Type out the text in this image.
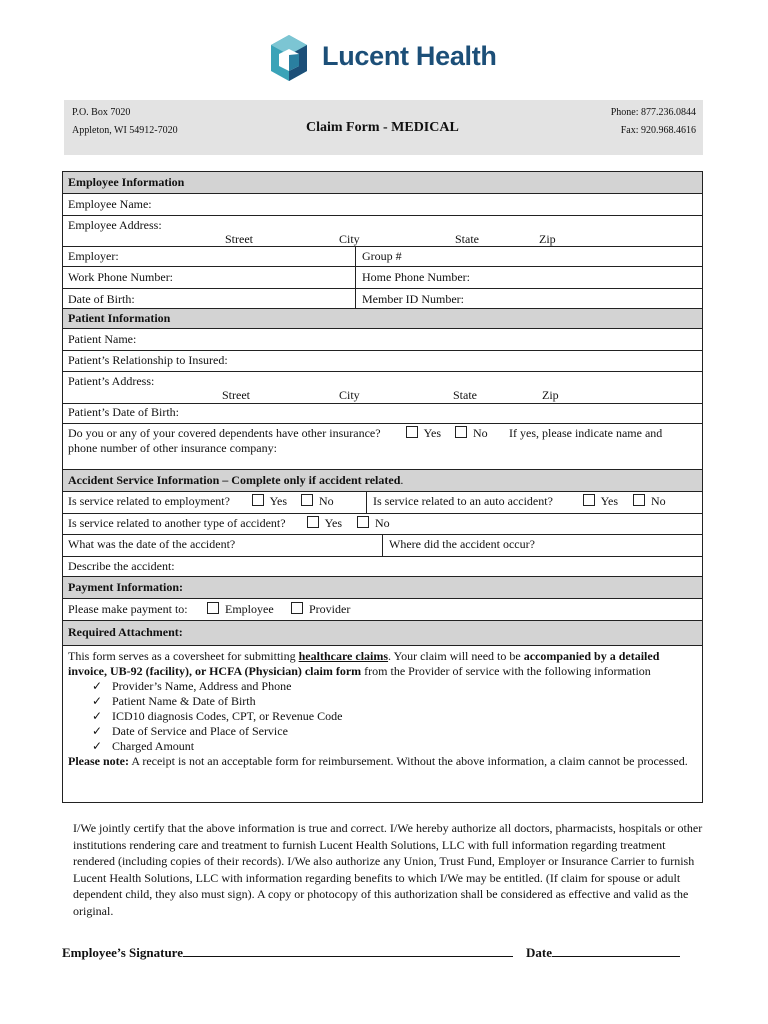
Lucent Health
P.O. Box 7020
Appleton, WI 54912-7020	Claim Form - MEDICAL
Phone: 877.236.0844
Fax: 920.968.4616
Employee Information
Employee Name:
Employee Address:
Street	City	State	Zip
Employer:	Group #
Work Phone Number:	Home Phone Number:
Date of Birth:	Member ID Number:
Patient Information
Patient Name:
Patient’s Relationship to Insured:
Patient’s Address:
Street	City	State	Zip
Patient’s Date of Birth:
Do you or any of your covered dependents have other insurance?	Yes	No If yes, please indicate name and
phone number of other insurance company:
Accident Service Information – Complete only if accident related.
Is service related to employment?	Yes	No	Is service related to an auto accident?	Yes	No
Is service related to another type of accident?	Yes	No
What was the date of the accident?	Where did the accident occur?
Describe the accident:
Payment Information:
Please make payment to:	Employee	Provider
Required Attachment:
This form serves as a coversheet for submitting healthcare claims. Your claim will need to be accompanied by a detailed invoice, UB-92 (facility), or HCFA (Physician) claim form from the Provider of service with the following information
✓ Provider’s Name, Address and Phone
✓ Patient Name & Date of Birth
✓ ICD10 diagnosis Codes, CPT, or Revenue Code
✓ Date of Service and Place of Service
✓ Charged Amount
Please note: A receipt is not an acceptable form for reimbursement. Without the above information, a claim cannot be processed.
I/We jointly certify that the above information is true and correct. I/We hereby authorize all doctors, pharmacists, hospitals or other institutions rendering care and treatment to furnish Lucent Health Solutions, LLC with full information regarding treatment rendered (including copies of their records). I/We also authorize any Union, Trust Fund, Employer or Insurance Carrier to furnish Lucent Health Solutions, LLC with information regarding benefits to which I/We may be entitled. (If claim for spouse or adult dependent child, they also must sign). A copy or photocopy of this authorization shall be considered as effective and valid as the original.
Employee’s Signature	Date
